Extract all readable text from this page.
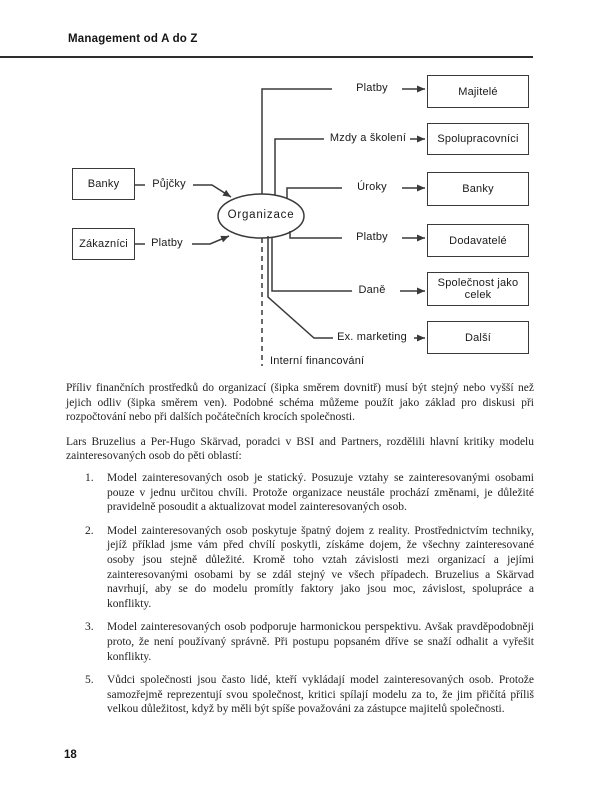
Management od A do Z
Banky
Zákazníci
Majitelé
Spolupracovníci
Banky
Dodavatelé
Společnost jako celek
Další
Půjčky
Platby
Platby
Mzdy a školení
Úroky
Platby
Daně
Ex. marketing
Organizace
Interní financování

Příliv finančních prostředků do organizací (šipka směrem dovnitř) musí být stejný nebo vyšší než jejich odliv (šipka směrem ven). Podobné schéma můžeme použít jako základ pro diskusi při rozpočtování nebo při dalších počátečních krocích společnosti.

Lars Bruzelius a Per-Hugo Skärvad, poradci v BSI and Partners, rozdělili hlavní kritiky modelu zainteresovaných osob do pěti oblastí:

1.	Model zainteresovaných osob je statický. Posuzuje vztahy se zainteresovanými osobami pouze v jednu určitou chvíli. Protože organizace neustále prochází změnami, je důležité pravidelně posoudit a aktualizovat model zainteresovaných osob.
2.	Model zainteresovaných osob poskytuje špatný dojem z reality. Prostřednictvím techniky, jejíž příklad jsme vám před chvílí poskytli, získáme dojem, že všechny zainteresované osoby jsou stejně důležité. Kromě toho vztah závislosti mezi organizací a jejími zainteresovanými osobami by se zdál stejný ve všech případech. Bruzelius a Skärvad navrhují, aby se do modelu promítly faktory jako jsou moc, závislost, spolupráce a konflikty.
3.	Model zainteresovaných osob podporuje harmonickou perspektivu. Avšak pravděpodobněji proto, že není používaný správně. Při postupu popsaném dříve se snaží odhalit a vyřešit konflikty.
5.	Vůdci společnosti jsou často lidé, kteří vykládají model zainteresovaných osob. Protože samozřejmě reprezentují svou společnost, kritici spílají modelu za to, že jim přičítá příliš velkou důležitost, když by měli být spíše považováni za zástupce majitelů společnosti.
18
